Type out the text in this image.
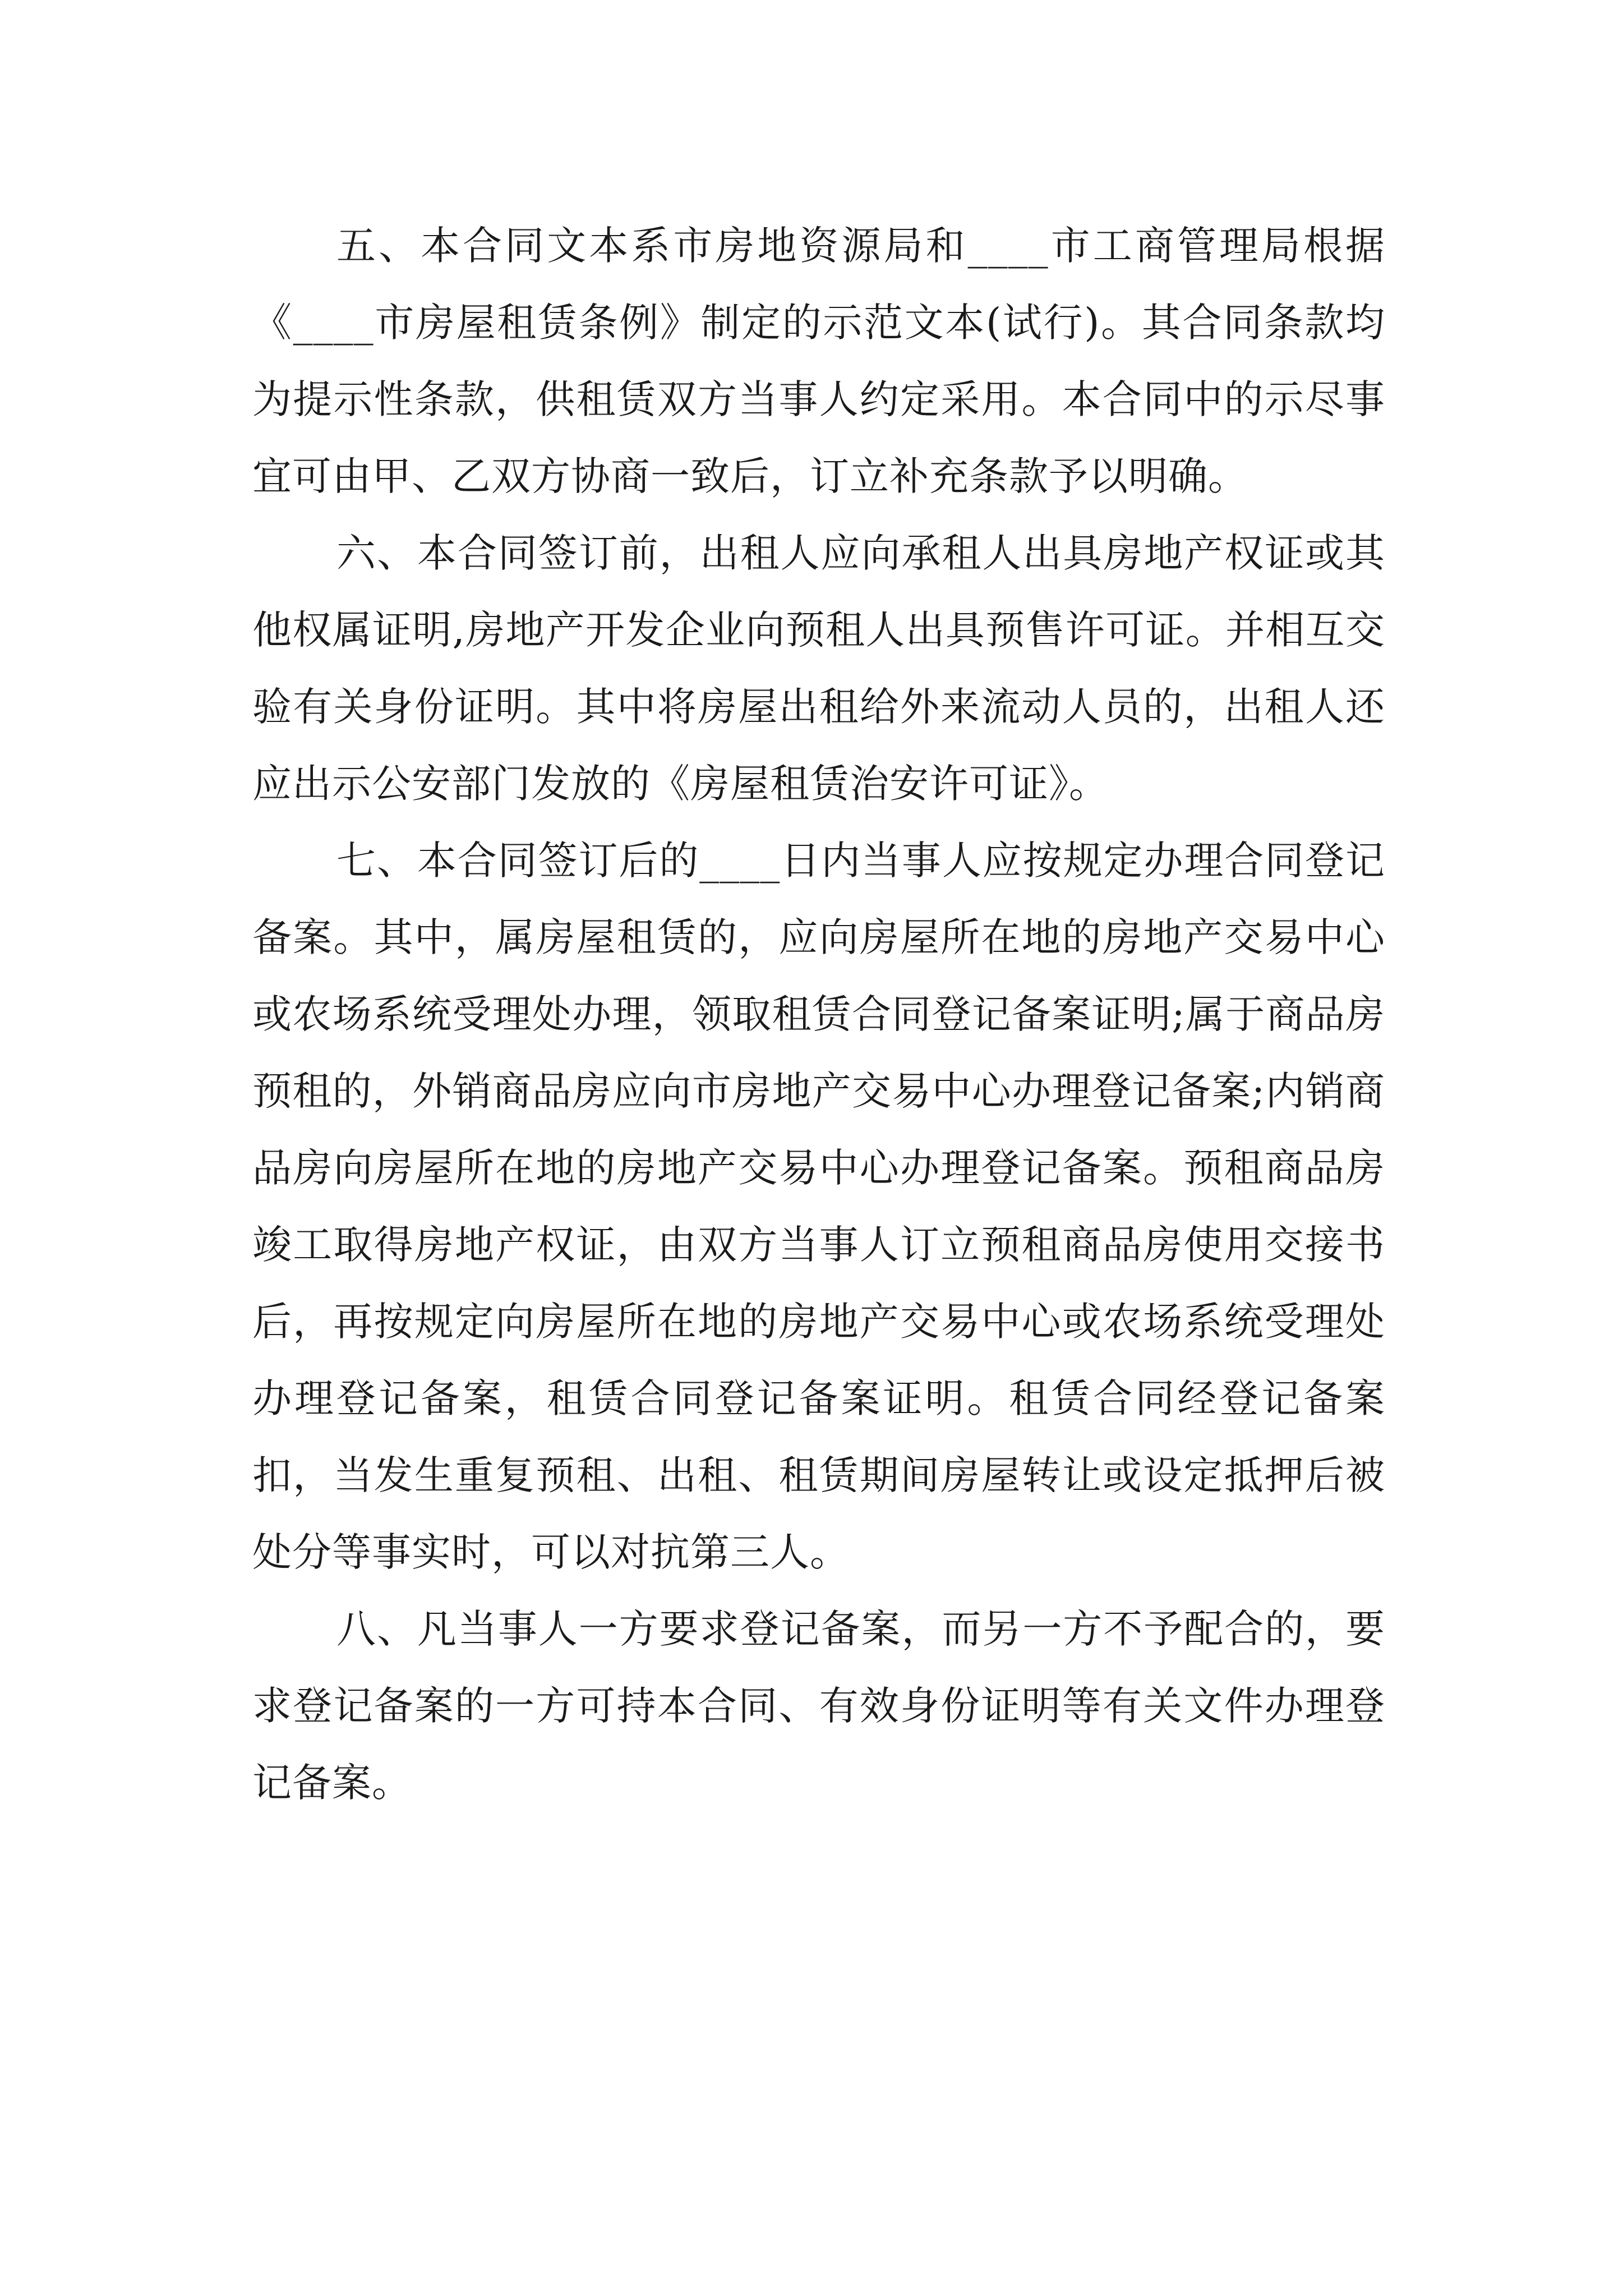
五、本合同文本系市房地资源局和____市工商管理局根据《____市房屋租赁条例》制定的示范文本(试行)。其合同条款均为提示性条款，供租赁双方当事人约定采用。本合同中的示尽事宜可由甲、乙双方协商一致后，订立补充条款予以明确。

六、本合同签订前，出租人应向承租人出具房地产权证或其他权属证明,房地产开发企业向预租人出具预售许可证。并相互交验有关身份证明。其中将房屋出租给外来流动人员的，出租人还应出示公安部门发放的《房屋租赁治安许可证》。

七、本合同签订后的____日内当事人应按规定办理合同登记备案。其中，属房屋租赁的，应向房屋所在地的房地产交易中心或农场系统受理处办理，领取租赁合同登记备案证明;属于商品房预租的，外销商品房应向市房地产交易中心办理登记备案;内销商品房向房屋所在地的房地产交易中心办理登记备案。预租商品房竣工取得房地产权证，由双方当事人订立预租商品房使用交接书后，再按规定向房屋所在地的房地产交易中心或农场系统受理处办理登记备案，租赁合同登记备案证明。租赁合同经登记备案扣，当发生重复预租、出租、租赁期间房屋转让或设定抵押后被处分等事实时，可以对抗第三人。

八、凡当事人一方要求登记备案，而另一方不予配合的，要求登记备案的一方可持本合同、有效身份证明等有关文件办理登记备案。
